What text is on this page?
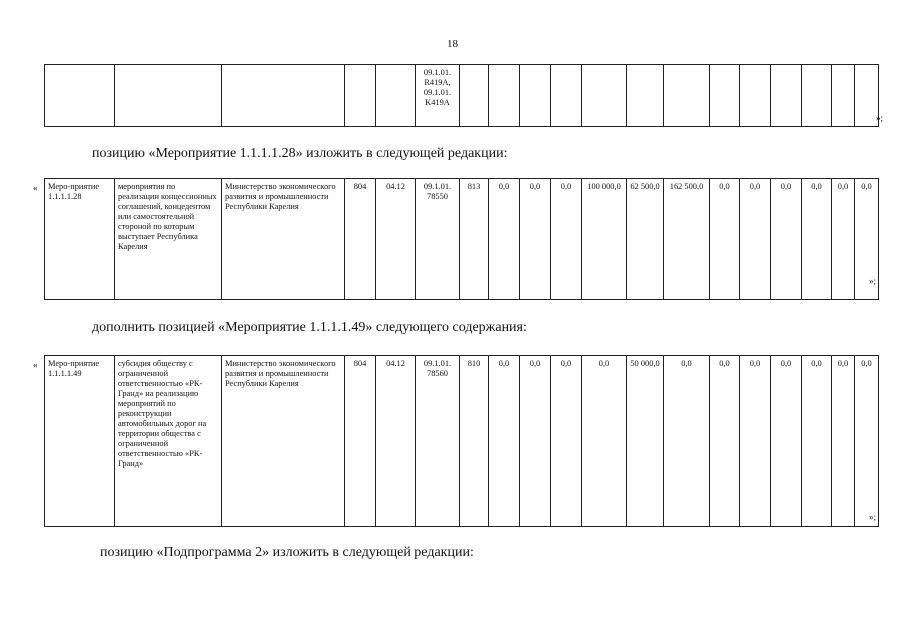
18

09.1.01.
R419A,
09.1.01.
K419A

»;
позицию «Мероприятие 1.1.1.1.28» изложить в следующей редакции:
« Меро-приятие 1.1.1.1.28	мероприятия по реализации концессионных соглашений, концедентом или самостоятельной стороной по которым выступает Республика Карелия	Министерство экономического развития и промышленности Республики Карелия	804	04.12	09.1.01. 78550	813	0,0	0,0	0,0	100 000,0	62 500,0	162 500,0	0,0	0,0	0,0	0,0	0,0	0,0
»;
дополнить позицией «Мероприятие 1.1.1.1.49» следующего содержания:
« Меро-приятие 1.1.1.1.49	субсидия обществу с ограниченной ответственностью «РК-Гранд» на реализацию мероприятий по реконструкции автомобильных дорог на территории общества с ограниченной ответственностью «РК-Гранд»	Министерство экономического развития и промышленности Республики Карелия	804	04.12	09.1.01. 78560	810	0,0	0,0	0,0	0,0	50 000,0	0,0	0,0	0,0	0,0	0,0	0,0	0,0
»;
позицию «Подпрограмма 2» изложить в следующей редакции:
